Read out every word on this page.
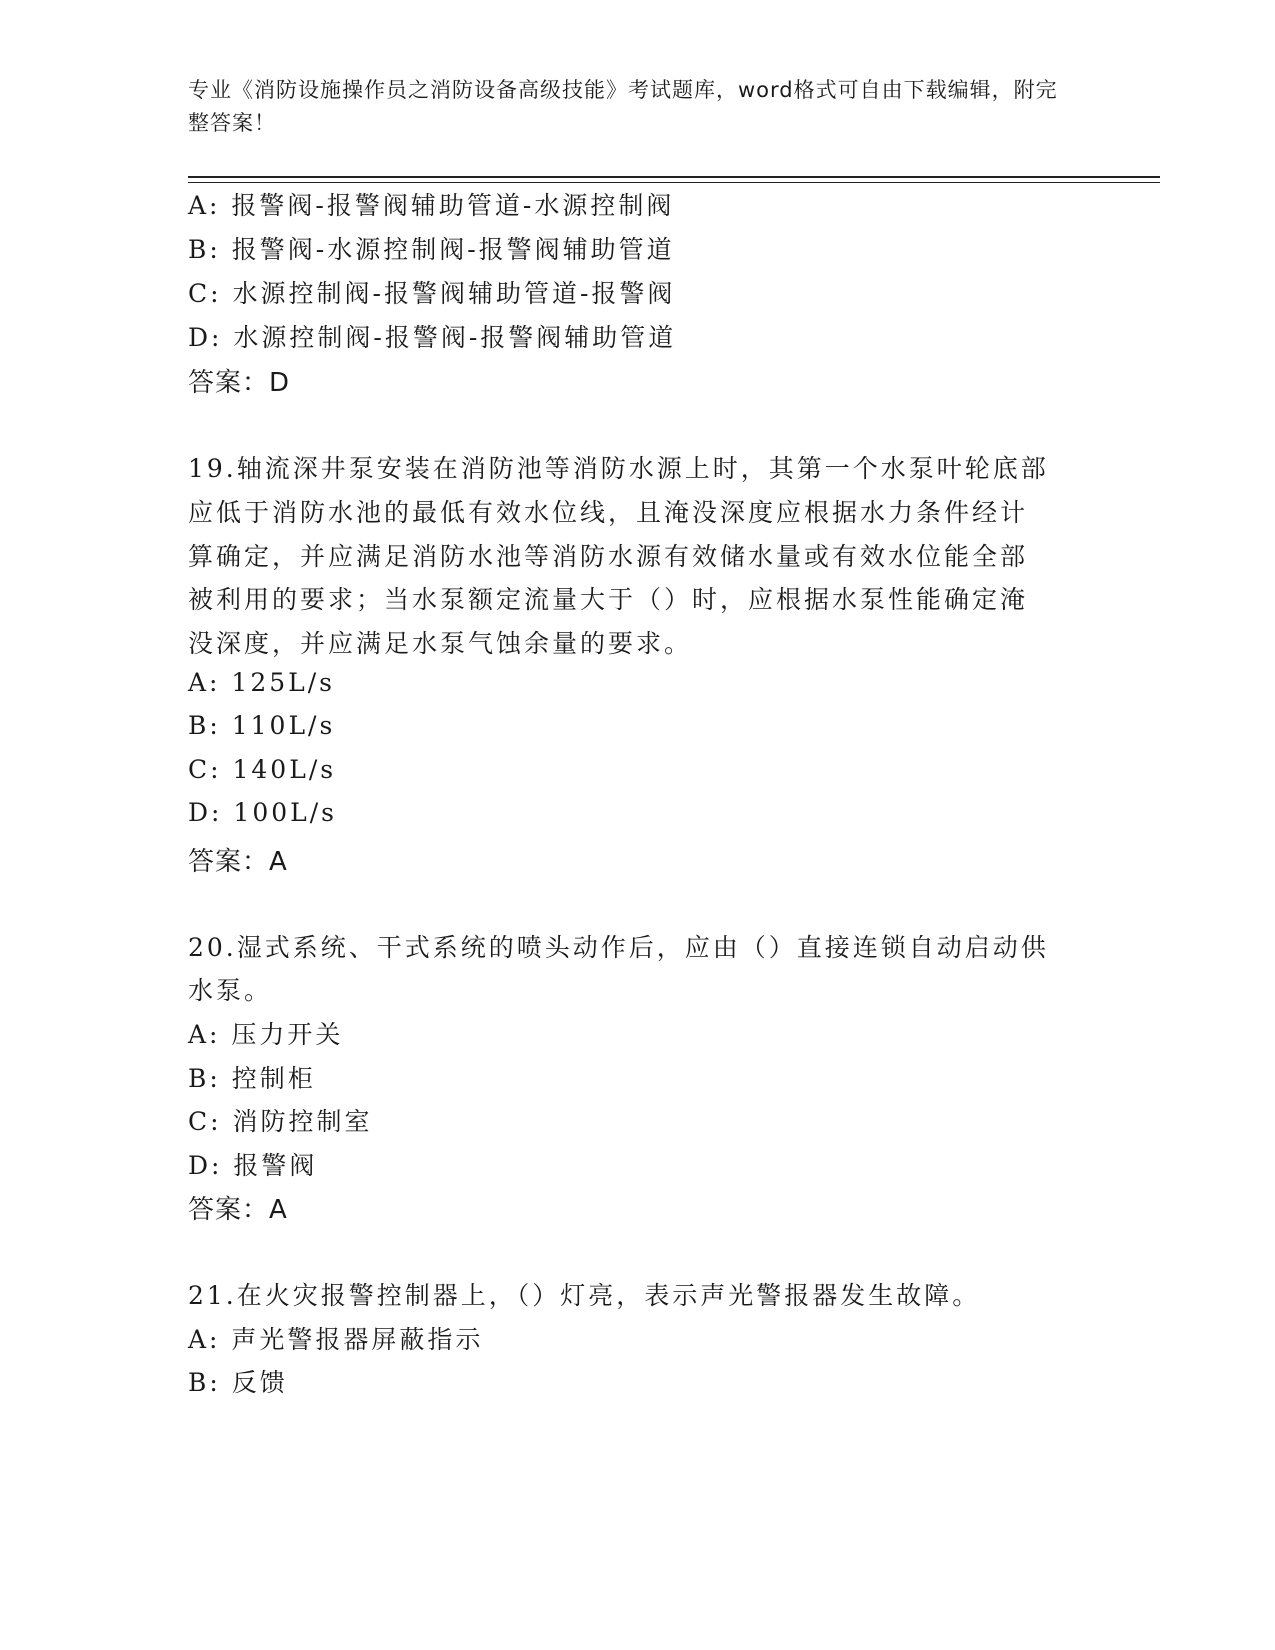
专业《消防设施操作员之消防设备高级技能》考试题库，word格式可自由下载编辑，附完整答案！
A: 报警阀-报警阀辅助管道-水源控制阀
B: 报警阀-水源控制阀-报警阀辅助管道
C: 水源控制阀-报警阀辅助管道-报警阀
D: 水源控制阀-报警阀-报警阀辅助管道
答案：D
19.轴流深井泵安装在消防池等消防水源上时，其第一个水泵叶轮底部
应低于消防水池的最低有效水位线，且淹没深度应根据水力条件经计
算确定，并应满足消防水池等消防水源有效储水量或有效水位能全部
被利用的要求；当水泵额定流量大于（）时，应根据水泵性能确定淹
没深度，并应满足水泵气蚀余量的要求。
A: 125L/s
B: 110L/s
C: 140L/s
D: 100L/s
答案：A
20.湿式系统、干式系统的喷头动作后，应由（）直接连锁自动启动供
水泵。
A: 压力开关
B: 控制柜
C: 消防控制室
D: 报警阀
答案：A
21.在火灾报警控制器上，（）灯亮，表示声光警报器发生故障。
A: 声光警报器屏蔽指示
B: 反馈
